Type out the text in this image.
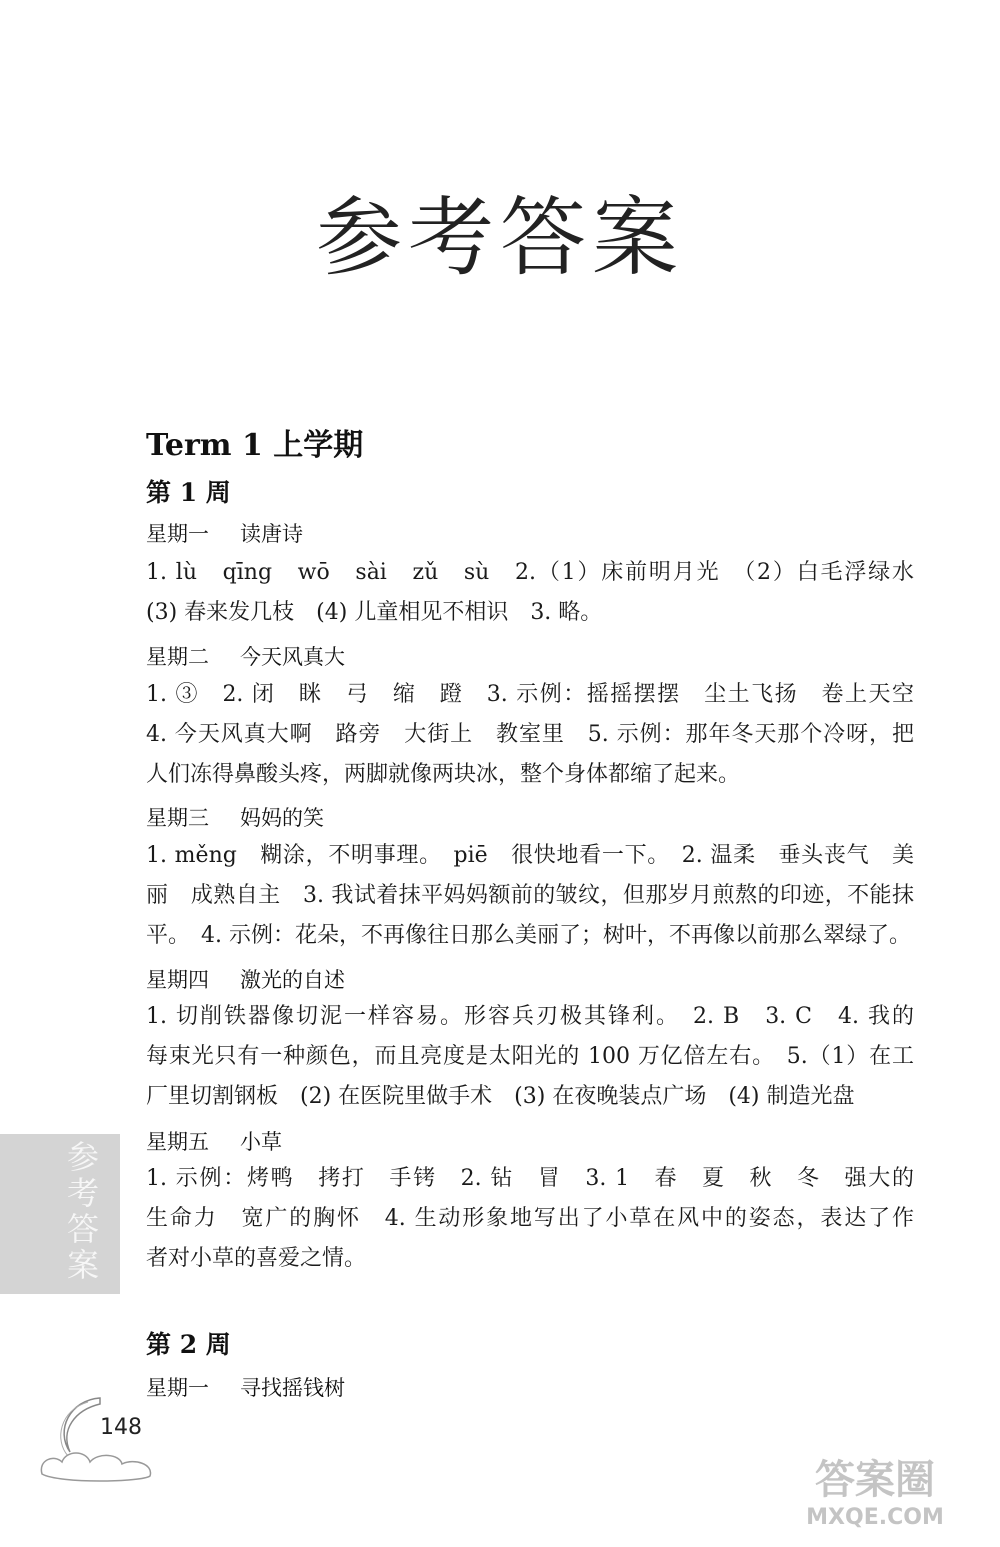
参考答案
Term 1 上学期
第 1 周
星期一 读唐诗
1. lù　qīng　wō　sài　zǔ　sù　2.（1）床前明月光　（2）白毛浮绿水
(3) 春来发几枝　(4) 儿童相见不相识　3. 略。
星期二 今天风真大
1. ③　2. 闭　眯　弓　缩　蹬　3. 示例：摇摇摆摆　尘土飞扬　卷上天空
4. 今天风真大啊　路旁　大街上　教室里　5. 示例：那年冬天那个冷呀，把
人们冻得鼻酸头疼，两脚就像两块冰，整个身体都缩了起来。
星期三 妈妈的笑
1. měng　糊涂，不明事理。　piē　很快地看一下。　2. 温柔　垂头丧气　美
丽　成熟自主　3. 我试着抹平妈妈额前的皱纹，但那岁月煎熬的印迹，不能抹
平。　4. 示例：花朵，不再像往日那么美丽了；树叶，不再像以前那么翠绿了。
星期四 激光的自述
1. 切削铁器像切泥一样容易。形容兵刃极其锋利。　2. B　3. C　4. 我的
每束光只有一种颜色，而且亮度是太阳光的 100 万亿倍左右。　5.（1）在工
厂里切割钢板　(2) 在医院里做手术　(3) 在夜晚装点广场　(4) 制造光盘
星期五 小草
1. 示例：烤鸭　拷打　手铐　2. 钻　冒　3. 1　春　夏　秋　冬　强大的
生命力　宽广的胸怀　4. 生动形象地写出了小草在风中的姿态，表达了作
者对小草的喜爱之情。
第 2 周
星期一 寻找摇钱树
参考答案
148
答案圈
MXQE.COM
